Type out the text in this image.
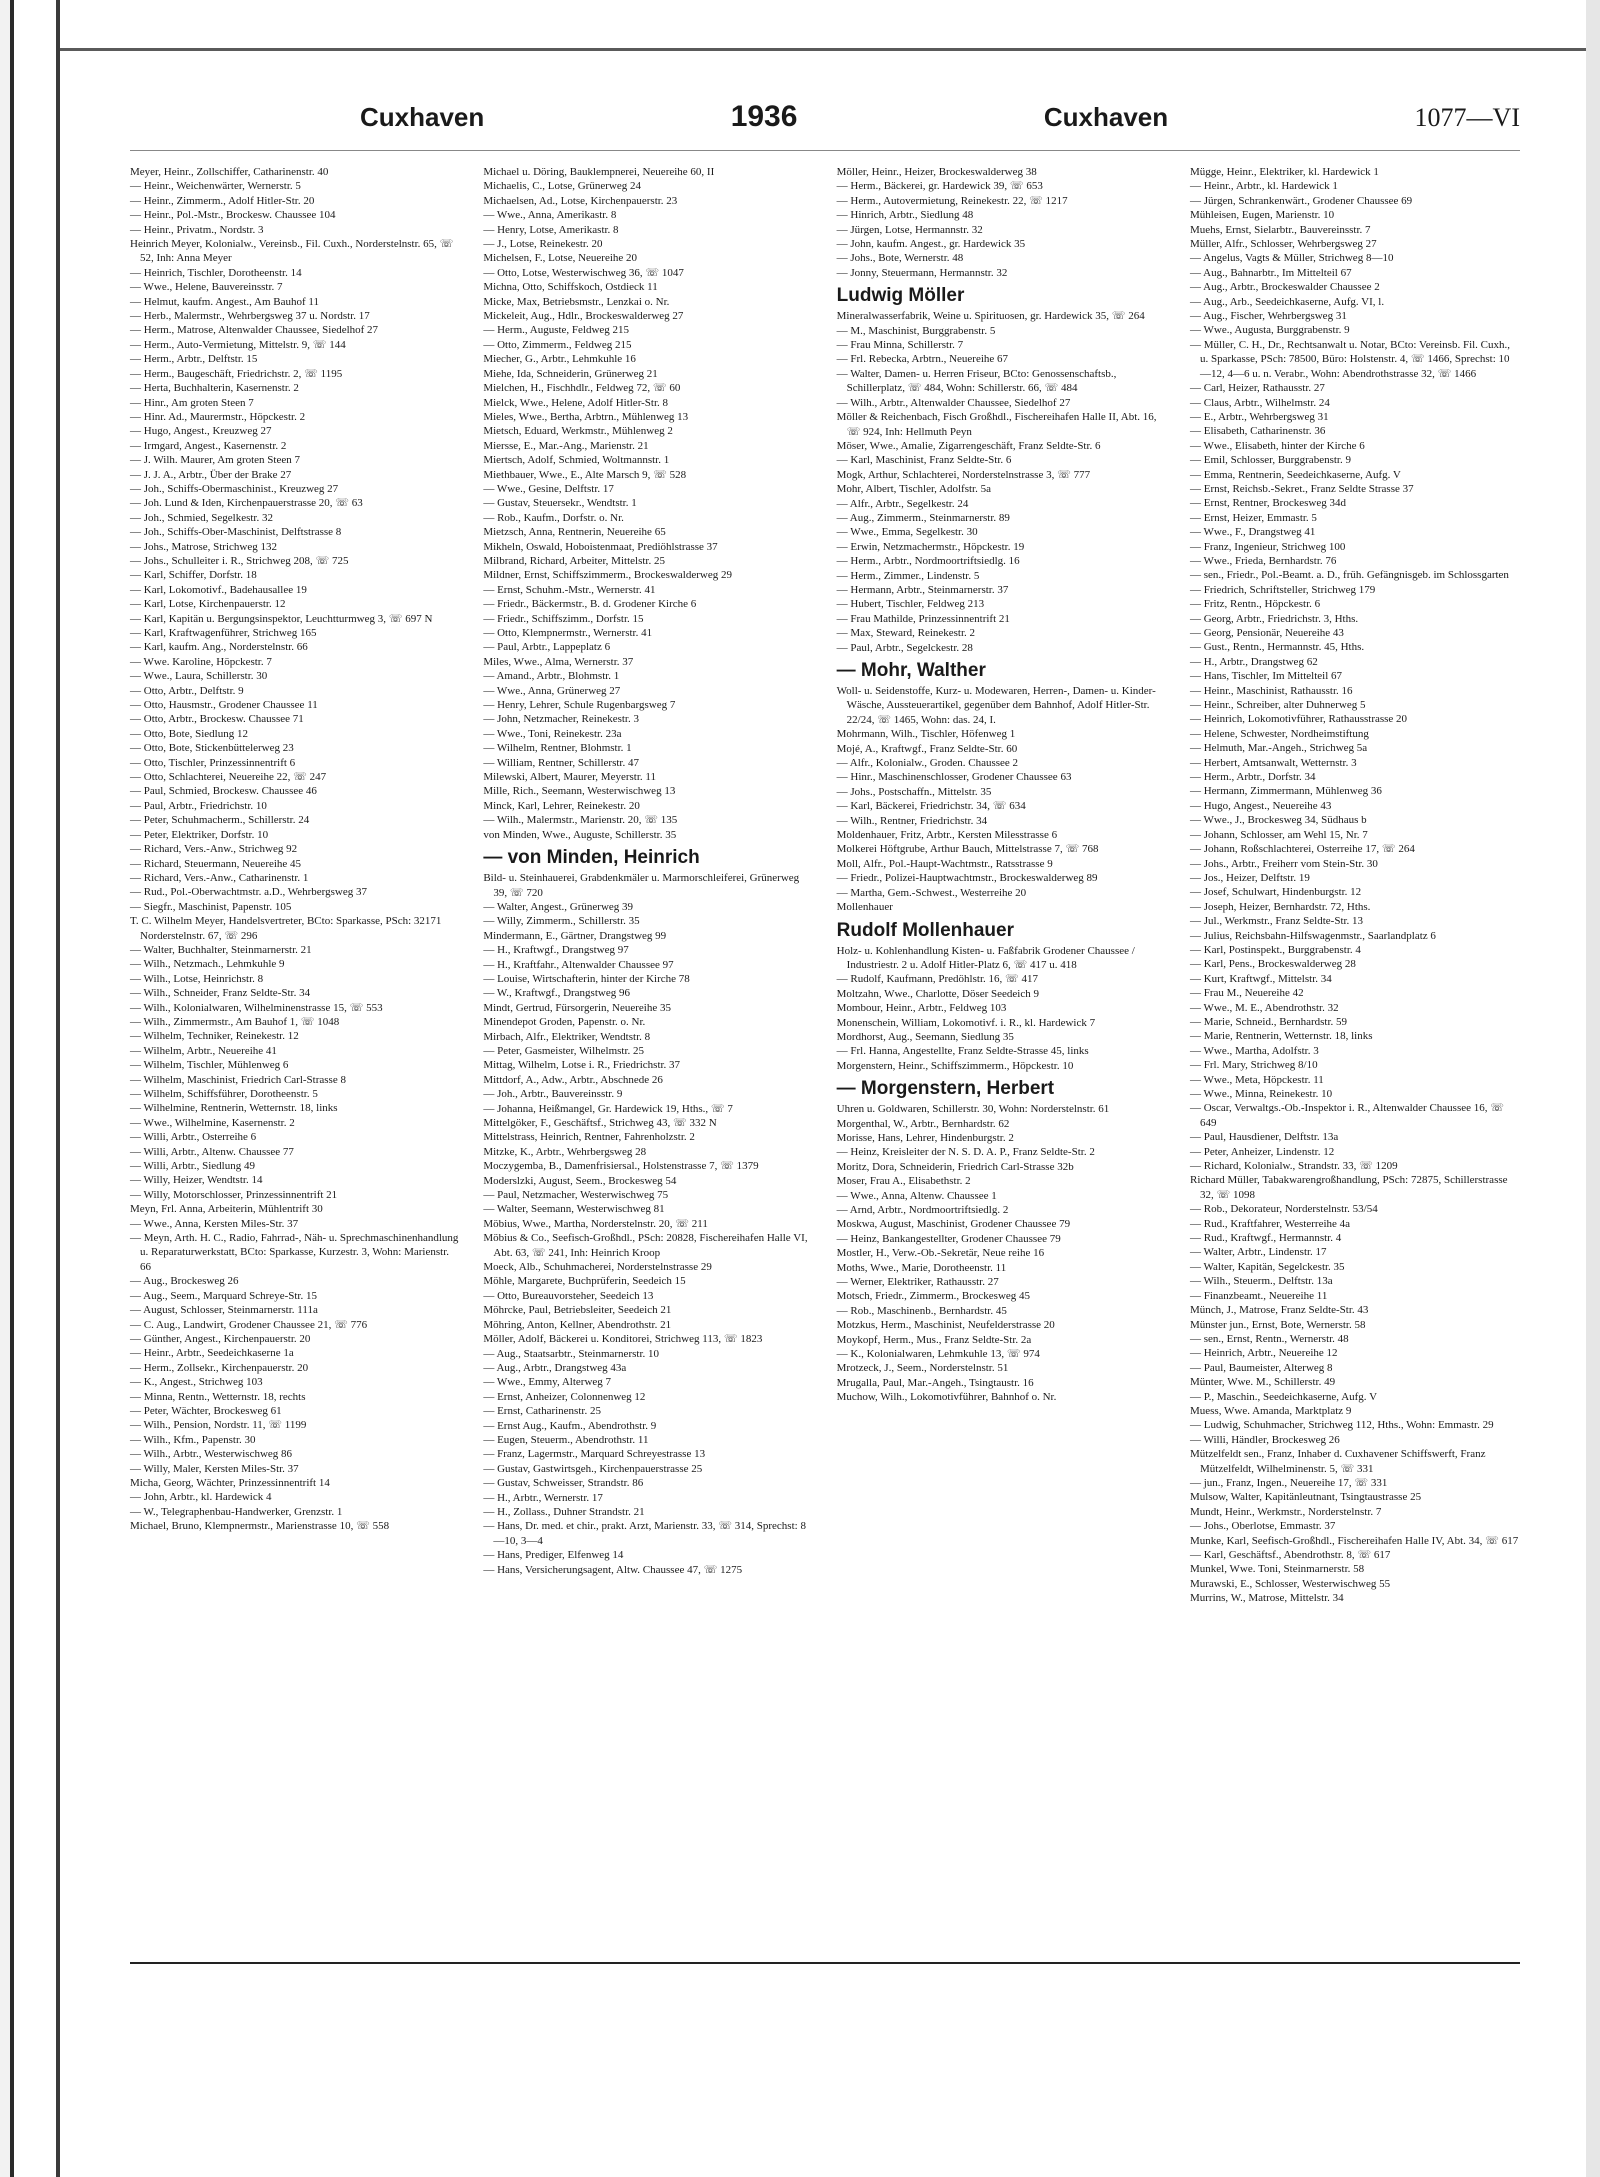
Cuxhaven	1936	Cuxhaven	1077—VI

Meyer, Heinr., Zollschiffer, Catharinenstr. 40

— Heinr., Weichenwärter, Wernerstr. 5

— Heinr., Zimmerm., Adolf Hitler-Str. 20

— Heinr., Pol.-Mstr., Brockesw. Chaussee 104

— Heinr., Privatm., Nordstr. 3

Heinrich Meyer, Kolonialw., Vereinsb., Fil. Cuxh., Norderstelnstr. 65, ☏ 52, Inh: Anna Meyer

— Heinrich, Tischler, Dorotheenstr. 14

— Wwe., Helene, Bauvereinsstr. 7

— Helmut, kaufm. Angest., Am Bauhof 11

— Herb., Malermstr., Wehrbergsweg 37 u. Nordstr. 17

— Herm., Matrose, Altenwalder Chaussee, Siedelhof 27

— Herm., Auto-Vermietung, Mittelstr. 9, ☏ 144

— Herm., Arbtr., Delftstr. 15

— Herm., Baugeschäft, Friedrichstr. 2, ☏ 1195

— Herta, Buchhalterin, Kasernenstr. 2

— Hinr., Am groten Steen 7

— Hinr. Ad., Maurermstr., Höpckestr. 2

— Hugo, Angest., Kreuzweg 27

— Irmgard, Angest., Kasernenstr. 2

— J. Wilh. Maurer, Am groten Steen 7

— J. J. A., Arbtr., Über der Brake 27

— Joh., Schiffs-Obermaschinist., Kreuzweg 27

— Joh. Lund & Iden, Kirchenpauerstrasse 20, ☏ 63

— Joh., Schmied, Segelkestr. 32

— Joh., Schiffs-Ober-Maschinist, Delftstrasse 8

— Johs., Matrose, Strichweg 132

— Johs., Schulleiter i. R., Strichweg 208, ☏ 725

— Karl, Schiffer, Dorfstr. 18

— Karl, Lokomotivf., Badehausallee 19

— Karl, Lotse, Kirchenpauerstr. 12

— Karl, Kapitän u. Bergungsinspektor, Leuchtturmweg 3, ☏ 697 N

— Karl, Kraftwagenführer, Strichweg 165

— Karl, kaufm. Ang., Norderstelnstr. 66

— Wwe. Karoline, Höpckestr. 7

— Wwe., Laura, Schillerstr. 30

— Otto, Arbtr., Delftstr. 9

— Otto, Hausmstr., Grodener Chaussee 11

— Otto, Arbtr., Brockesw. Chaussee 71

— Otto, Bote, Siedlung 12

— Otto, Bote, Stickenbüttelerweg 23

— Otto, Tischler, Prinzessinnentrift 6

— Otto, Schlachterei, Neuereihe 22, ☏ 247

— Paul, Schmied, Brockesw. Chaussee 46

— Paul, Arbtr., Friedrichstr. 10

— Peter, Schuhmacherm., Schillerstr. 24

— Peter, Elektriker, Dorfstr. 10

— Richard, Vers.-Anw., Strichweg 92

— Richard, Steuermann, Neuereihe 45

— Richard, Vers.-Anw., Catharinenstr. 1

— Rud., Pol.-Oberwachtmstr. a.D., Wehrbergsweg 37

— Siegfr., Maschinist, Papenstr. 105

T. C. Wilhelm Meyer, Handelsvertreter, BCto: Sparkasse, PSch: 32171 Norderstelnstr. 67, ☏ 296

— Walter, Buchhalter, Steinmarnerstr. 21

— Wilh., Netzmach., Lehmkuhle 9

— Wilh., Lotse, Heinrichstr. 8

— Wilh., Schneider, Franz Seldte-Str. 34

— Wilh., Kolonialwaren, Wilhelminenstrasse 15, ☏ 553

— Wilh., Zimmermstr., Am Bauhof 1, ☏ 1048

— Wilhelm, Techniker, Reinekestr. 12

— Wilhelm, Arbtr., Neuereihe 41

— Wilhelm, Tischler, Mühlenweg 6

— Wilhelm, Maschinist, Friedrich Carl-Strasse 8

— Wilhelm, Schiffsführer, Dorotheenstr. 5

— Wilhelmine, Rentnerin, Wetternstr. 18, links

— Wwe., Wilhelmine, Kasernenstr. 2

— Willi, Arbtr., Osterreihe 6

— Willi, Arbtr., Altenw. Chaussee 77

— Willi, Arbtr., Siedlung 49

— Willy, Heizer, Wendtstr. 14

— Willy, Motorschlosser, Prinzessinnentrift 21

Meyn, Frl. Anna, Arbeiterin, Mühlentrift 30

— Wwe., Anna, Kersten Miles-Str. 37

— Meyn, Arth. H. C., Radio, Fahrrad-, Näh- u. Sprechmaschinenhandlung u. Reparaturwerkstatt, BCto: Sparkasse, Kurzestr. 3, Wohn: Marienstr. 66

— Aug., Brockesweg 26

— Aug., Seem., Marquard Schreye-Str. 15

— August, Schlosser, Steinmarnerstr. 111a

— C. Aug., Landwirt, Grodener Chaussee 21, ☏ 776

— Günther, Angest., Kirchenpauerstr. 20

— Heinr., Arbtr., Seedeichkaserne 1a

— Herm., Zollsekr., Kirchenpauerstr. 20

— K., Angest., Strichweg 103

— Minna, Rentn., Wetternstr. 18, rechts

— Peter, Wächter, Brockesweg 61

— Wilh., Pension, Nordstr. 11, ☏ 1199

— Wilh., Kfm., Papenstr. 30

— Wilh., Arbtr., Westerwischweg 86

— Willy, Maler, Kersten Miles-Str. 37

Micha, Georg, Wächter, Prinzessinnentrift 14

— John, Arbtr., kl. Hardewick 4

— W., Telegraphenbau-Handwerker, Grenzstr. 1

Michael, Bruno, Klempnermstr., Marienstrasse 10, ☏ 558

Michael u. Döring, Bauklempnerei, Neuereihe 60, II

Michaelis, C., Lotse, Grünerweg 24

Michaelsen, Ad., Lotse, Kirchenpauerstr. 23

— Wwe., Anna, Amerikastr. 8

— Henry, Lotse, Amerikastr. 8

— J., Lotse, Reinekestr. 20

Michelsen, F., Lotse, Neuereihe 20

— Otto, Lotse, Westerwischweg 36, ☏ 1047

Michna, Otto, Schiffskoch, Ostdieck 11

Micke, Max, Betriebsmstr., Lenzkai o. Nr.

Mickeleit, Aug., Hdlr., Brockeswalderweg 27

— Herm., Auguste, Feldweg 215

— Otto, Zimmerm., Feldweg 215

Miecher, G., Arbtr., Lehmkuhle 16

Miehe, Ida, Schneiderin, Grünerweg 21

Mielchen, H., Fischhdlr., Feldweg 72, ☏ 60

Mielck, Wwe., Helene, Adolf Hitler-Str. 8

Mieles, Wwe., Bertha, Arbtrn., Mühlenweg 13

Mietsch, Eduard, Werkmstr., Mühlenweg 2

Miersse, E., Mar.-Ang., Marienstr. 21

Miertsch, Adolf, Schmied, Woltmannstr. 1

Miethbauer, Wwe., E., Alte Marsch 9, ☏ 528

— Wwe., Gesine, Delftstr. 17

— Gustav, Steuersekr., Wendtstr. 1

— Rob., Kaufm., Dorfstr. o. Nr.

Mietzsch, Anna, Rentnerin, Neuereihe 65

Mikheln, Oswald, Hoboistenmaat, Prediöhlstrasse 37

Milbrand, Richard, Arbeiter, Mittelstr. 25

Mildner, Ernst, Schiffszimmerm., Brockeswalderweg 29

— Ernst, Schuhm.-Mstr., Wernerstr. 41

— Friedr., Bäckermstr., B. d. Grodener Kirche 6

— Friedr., Schiffszimm., Dorfstr. 15

— Otto, Klempnermstr., Wernerstr. 41

— Paul, Arbtr., Lappeplatz 6

Miles, Wwe., Alma, Wernerstr. 37

— Amand., Arbtr., Blohmstr. 1

— Wwe., Anna, Grünerweg 27

— Henry, Lehrer, Schule Rugenbargsweg 7

— John, Netzmacher, Reinekestr. 3

— Wwe., Toni, Reinekestr. 23a

— Wilhelm, Rentner, Blohmstr. 1

— William, Rentner, Schillerstr. 47

Milewski, Albert, Maurer, Meyerstr. 11

Mille, Rich., Seemann, Westerwischweg 13

Minck, Karl, Lehrer, Reinekestr. 20

— Wilh., Malermstr., Marienstr. 20, ☏ 135

von Minden, Wwe., Auguste, Schillerstr. 35

— von Minden, Heinrich

Bild- u. Steinhauerei, Grabdenkmäler u. Marmorschleiferei, Grünerweg 39, ☏ 720

— Walter, Angest., Grünerweg 39

— Willy, Zimmerm., Schillerstr. 35

Mindermann, E., Gärtner, Drangstweg 99

— H., Kraftwgf., Drangstweg 97

— H., Kraftfahr., Altenwalder Chaussee 97

— Louise, Wirtschafterin, hinter der Kirche 78

— W., Kraftwgf., Drangstweg 96

Mindt, Gertrud, Fürsorgerin, Neuereihe 35

Minendepot Groden, Papenstr. o. Nr.

Mirbach, Alfr., Elektriker, Wendtstr. 8

— Peter, Gasmeister, Wilhelmstr. 25

Mittag, Wilhelm, Lotse i. R., Friedrichstr. 37

Mittdorf, A., Adw., Arbtr., Abschnede 26

— Joh., Arbtr., Bauvereinsstr. 9

— Johanna, Heißmangel, Gr. Hardewick 19, Hths., ☏ 7

Mittelgöker, F., Geschäftsf., Strichweg 43, ☏ 332 N

Mittelstrass, Heinrich, Rentner, Fahrenholzstr. 2

Mitzke, K., Arbtr., Wehrbergsweg 28

Moczygemba, B., Damenfrisiersal., Holstenstrasse 7, ☏ 1379

Moderslzki, August, Seem., Brockesweg 54

— Paul, Netzmacher, Westerwischweg 75

— Walter, Seemann, Westerwischweg 81

Möbius, Wwe., Martha, Norderstelnstr. 20, ☏ 211

Möbius & Co., Seefisch-Großhdl., PSch: 20828, Fischereihafen Halle VI, Abt. 63, ☏ 241, Inh: Heinrich Kroop

Moeck, Alb., Schuhmacherei, Norderstelnstrasse 29

Möhle, Margarete, Buchprüferin, Seedeich 15

— Otto, Bureauvorsteher, Seedeich 13

Möhrcke, Paul, Betriebsleiter, Seedeich 21

Möhring, Anton, Kellner, Abendrothstr. 21

Möller, Adolf, Bäckerei u. Konditorei, Strichweg 113, ☏ 1823

— Aug., Staatsarbtr., Steinmarnerstr. 10

— Aug., Arbtr., Drangstweg 43a

— Wwe., Emmy, Alterweg 7

— Ernst, Anheizer, Colonnenweg 12

— Ernst, Catharinenstr. 25

— Ernst Aug., Kaufm., Abendrothstr. 9

— Eugen, Steuerm., Abendrothstr. 11

— Franz, Lagermstr., Marquard Schreyestrasse 13

— Gustav, Gastwirtsgeh., Kirchenpauerstrasse 25

— Gustav, Schweisser, Strandstr. 86

— H., Arbtr., Wernerstr. 17

— H., Zollass., Duhner Strandstr. 21

— Hans, Dr. med. et chir., prakt. Arzt, Marienstr. 33, ☏ 314, Sprechst: 8—10, 3—4

— Hans, Prediger, Elfenweg 14

— Hans, Versicherungsagent, Altw. Chaussee 47, ☏ 1275

Möller, Heinr., Heizer, Brockeswalderweg 38

— Herm., Bäckerei, gr. Hardewick 39, ☏ 653

— Herm., Autovermietung, Reinekestr. 22, ☏ 1217

— Hinrich, Arbtr., Siedlung 48

— Jürgen, Lotse, Hermannstr. 32

— John, kaufm. Angest., gr. Hardewick 35

— Johs., Bote, Wernerstr. 48

— Jonny, Steuermann, Hermannstr. 32

Ludwig Möller

Mineralwasserfabrik, Weine u. Spirituosen, gr. Hardewick 35, ☏ 264

— M., Maschinist, Burggrabenstr. 5

— Frau Minna, Schillerstr. 7

— Frl. Rebecka, Arbtrn., Neuereihe 67

— Walter, Damen- u. Herren Friseur, BCto: Genossenschaftsb., Schillerplatz, ☏ 484, Wohn: Schillerstr. 66, ☏ 484

— Wilh., Arbtr., Altenwalder Chaussee, Siedelhof 27

Möller & Reichenbach, Fisch Großhdl., Fischereihafen Halle II, Abt. 16, ☏ 924, Inh: Hellmuth Peyn

Möser, Wwe., Amalie, Zigarrengeschäft, Franz Seldte-Str. 6

— Karl, Maschinist, Franz Seldte-Str. 6

Mogk, Arthur, Schlachterei, Norderstelnstrasse 3, ☏ 777

Mohr, Albert, Tischler, Adolfstr. 5a

— Alfr., Arbtr., Segelkestr. 24

— Aug., Zimmerm., Steinmarnerstr. 89

— Wwe., Emma, Segelkestr. 30

— Erwin, Netzmachermstr., Höpckestr. 19

— Herm., Arbtr., Nordmoortriftsiedlg. 16

— Herm., Zimmer., Lindenstr. 5

— Hermann, Arbtr., Steinmarnerstr. 37

— Hubert, Tischler, Feldweg 213

— Frau Mathilde, Prinzessinnentrift 21

— Max, Steward, Reinekestr. 2

— Paul, Arbtr., Segelckestr. 28

— Mohr, Walther

Woll- u. Seidenstoffe, Kurz- u. Modewaren, Herren-, Damen- u. Kinder-Wäsche, Aussteuerartikel, gegenüber dem Bahnhof, Adolf Hitler-Str. 22/24, ☏ 1465, Wohn: das. 24, I.

Mohrmann, Wilh., Tischler, Höfenweg 1

Mojé, A., Kraftwgf., Franz Seldte-Str. 60

— Alfr., Kolonialw., Groden. Chaussee 2

— Hinr., Maschinenschlosser, Grodener Chaussee 63

— Johs., Postschaffn., Mittelstr. 35

— Karl, Bäckerei, Friedrichstr. 34, ☏ 634

— Wilh., Rentner, Friedrichstr. 34

Moldenhauer, Fritz, Arbtr., Kersten Milesstrasse 6

Molkerei Höftgrube, Arthur Bauch, Mittelstrasse 7, ☏ 768

Moll, Alfr., Pol.-Haupt-Wachtmstr., Ratsstrasse 9

— Friedr., Polizei-Hauptwachtmstr., Brockeswalderweg 89

— Martha, Gem.-Schwest., Westerreihe 20

Mollenhauer

Rudolf Mollenhauer

Holz- u. Kohlenhandlung Kisten- u. Faßfabrik Grodener Chaussee / Industriestr. 2 u. Adolf Hitler-Platz 6, ☏ 417 u. 418

— Rudolf, Kaufmann, Predöhlstr. 16, ☏ 417

Moltzahn, Wwe., Charlotte, Döser Seedeich 9

Mombour, Heinr., Arbtr., Feldweg 103

Monenschein, William, Lokomotivf. i. R., kl. Hardewick 7

Mordhorst, Aug., Seemann, Siedlung 35

— Frl. Hanna, Angestellte, Franz Seldte-Strasse 45, links

Morgenstern, Heinr., Schiffszimmerm., Höpckestr. 10

— Morgenstern, Herbert

Uhren u. Goldwaren, Schillerstr. 30, Wohn: Norderstelnstr. 61

Morgenthal, W., Arbtr., Bernhardstr. 62

Morisse, Hans, Lehrer, Hindenburgstr. 2

— Heinz, Kreisleiter der N. S. D. A. P., Franz Seldte-Str. 2

Moritz, Dora, Schneiderin, Friedrich Carl-Strasse 32b

Moser, Frau A., Elisabethstr. 2

— Wwe., Anna, Altenw. Chaussee 1

— Arnd, Arbtr., Nordmoortriftsiedlg. 2

Moskwa, August, Maschinist, Grodener Chaussee 79

— Heinz, Bankangestellter, Grodener Chaussee 79

Mostler, H., Verw.-Ob.-Sekretär, Neue reihe 16

Moths, Wwe., Marie, Dorotheenstr. 11

— Werner, Elektriker, Rathausstr. 27

Motsch, Friedr., Zimmerm., Brockesweg 45

— Rob., Maschinenb., Bernhardstr. 45

Motzkus, Herm., Maschinist, Neufelderstrasse 20

Moykopf, Herm., Mus., Franz Seldte-Str. 2a

— K., Kolonialwaren, Lehmkuhle 13, ☏ 974

Mrotzeck, J., Seem., Norderstelnstr. 51

Mrugalla, Paul, Mar.-Angeh., Tsingtaustr. 16

Muchow, Wilh., Lokomotivführer, Bahnhof o. Nr.

Mügge, Heinr., Elektriker, kl. Hardewick 1

— Heinr., Arbtr., kl. Hardewick 1

— Jürgen, Schrankenwärt., Grodener Chaussee 69

Mühleisen, Eugen, Marienstr. 10

Muehs, Ernst, Sielarbtr., Bauvereinsstr. 7

Müller, Alfr., Schlosser, Wehrbergsweg 27

— Angelus, Vagts & Müller, Strichweg 8—10

— Aug., Bahnarbtr., Im Mittelteil 67

— Aug., Arbtr., Brockeswalder Chaussee 2

— Aug., Arb., Seedeichkaserne, Aufg. VI, l.

— Aug., Fischer, Wehrbergsweg 31

— Wwe., Augusta, Burggrabenstr. 9

— Müller, C. H., Dr., Rechtsanwalt u. Notar, BCto: Vereinsb. Fil. Cuxh., u. Sparkasse, PSch: 78500, Büro: Holstenstr. 4, ☏ 1466, Sprechst: 10—12, 4—6 u. n. Verabr., Wohn: Abendrothstrasse 32, ☏ 1466

— Carl, Heizer, Rathausstr. 27

— Claus, Arbtr., Wilhelmstr. 24

— E., Arbtr., Wehrbergsweg 31

— Elisabeth, Catharinenstr. 36

— Wwe., Elisabeth, hinter der Kirche 6

— Emil, Schlosser, Burggrabenstr. 9

— Emma, Rentnerin, Seedeichkaserne, Aufg. V

— Ernst, Reichsb.-Sekret., Franz Seldte Strasse 37

— Ernst, Rentner, Brockesweg 34d

— Ernst, Heizer, Emmastr. 5

— Wwe., F., Drangstweg 41

— Franz, Ingenieur, Strichweg 100

— Wwe., Frieda, Bernhardstr. 76

— sen., Friedr., Pol.-Beamt. a. D., früh. Gefängnisgeb. im Schlossgarten

— Friedrich, Schriftsteller, Strichweg 179

— Fritz, Rentn., Höpckestr. 6

— Georg, Arbtr., Friedrichstr. 3, Hths.

— Georg, Pensionär, Neuereihe 43

— Gust., Rentn., Hermannstr. 45, Hths.

— H., Arbtr., Drangstweg 62

— Hans, Tischler, Im Mittelteil 67

— Heinr., Maschinist, Rathausstr. 16

— Heinr., Schreiber, alter Duhnerweg 5

— Heinrich, Lokomotivführer, Rathausstrasse 20

— Helene, Schwester, Nordheimstiftung

— Helmuth, Mar.-Angeh., Strichweg 5a

— Herbert, Amtsanwalt, Wetternstr. 3

— Herm., Arbtr., Dorfstr. 34

— Hermann, Zimmermann, Mühlenweg 36

— Hugo, Angest., Neuereihe 43

— Wwe., J., Brockesweg 34, Südhaus b

— Johann, Schlosser, am Wehl 15, Nr. 7

— Johann, Roßschlachterei, Osterreihe 17, ☏ 264

— Johs., Arbtr., Freiherr vom Stein-Str. 30

— Jos., Heizer, Delftstr. 19

— Josef, Schulwart, Hindenburgstr. 12

— Joseph, Heizer, Bernhardstr. 72, Hths.

— Jul., Werkmstr., Franz Seldte-Str. 13

— Julius, Reichsbahn-Hilfswagenmstr., Saarlandplatz 6

— Karl, Postinspekt., Burggrabenstr. 4

— Karl, Pens., Brockeswalderweg 28

— Kurt, Kraftwgf., Mittelstr. 34

— Frau M., Neuereihe 42

— Wwe., M. E., Abendrothstr. 32

— Marie, Schneid., Bernhardstr. 59

— Marie, Rentnerin, Wetternstr. 18, links

— Wwe., Martha, Adolfstr. 3

— Frl. Mary, Strichweg 8/10

— Wwe., Meta, Höpckestr. 11

— Wwe., Minna, Reinekestr. 10

— Oscar, Verwaltgs.-Ob.-Inspektor i. R., Altenwalder Chaussee 16, ☏ 649

— Paul, Hausdiener, Delftstr. 13a

— Peter, Anheizer, Lindenstr. 12

— Richard, Kolonialw., Strandstr. 33, ☏ 1209

Richard Müller, Tabakwarengroßhandlung, PSch: 72875, Schillerstrasse 32, ☏ 1098

— Rob., Dekorateur, Norderstelnstr. 53/54

— Rud., Kraftfahrer, Westerreihe 4a

— Rud., Kraftwgf., Hermannstr. 4

— Walter, Arbtr., Lindenstr. 17

— Walter, Kapitän, Segelckestr. 35

— Wilh., Steuerm., Delftstr. 13a

— Finanzbeamt., Neuereihe 11

Münch, J., Matrose, Franz Seldte-Str. 43

Münster jun., Ernst, Bote, Wernerstr. 58

— sen., Ernst, Rentn., Wernerstr. 48

— Heinrich, Arbtr., Neuereihe 12

— Paul, Baumeister, Alterweg 8

Münter, Wwe. M., Schillerstr. 49

— P., Maschin., Seedeichkaserne, Aufg. V

Muess, Wwe. Amanda, Marktplatz 9

— Ludwig, Schuhmacher, Strichweg 112, Hths., Wohn: Emmastr. 29

— Willi, Händler, Brockesweg 26

Mützelfeldt sen., Franz, Inhaber d. Cuxhavener Schiffswerft, Franz Mützelfeldt, Wilhelminenstr. 5, ☏ 331

— jun., Franz, Ingen., Neuereihe 17, ☏ 331

Mulsow, Walter, Kapitänleutnant, Tsingtaustrasse 25

Mundt, Heinr., Werkmstr., Norderstelnstr. 7

— Johs., Oberlotse, Emmastr. 37

Munke, Karl, Seefisch-Großhdl., Fischereihafen Halle IV, Abt. 34, ☏ 617

— Karl, Geschäftsf., Abendrothstr. 8, ☏ 617

Munkel, Wwe. Toni, Steinmarnerstr. 58

Murawski, E., Schlosser, Westerwischweg 55

Murrins, W., Matrose, Mittelstr. 34
